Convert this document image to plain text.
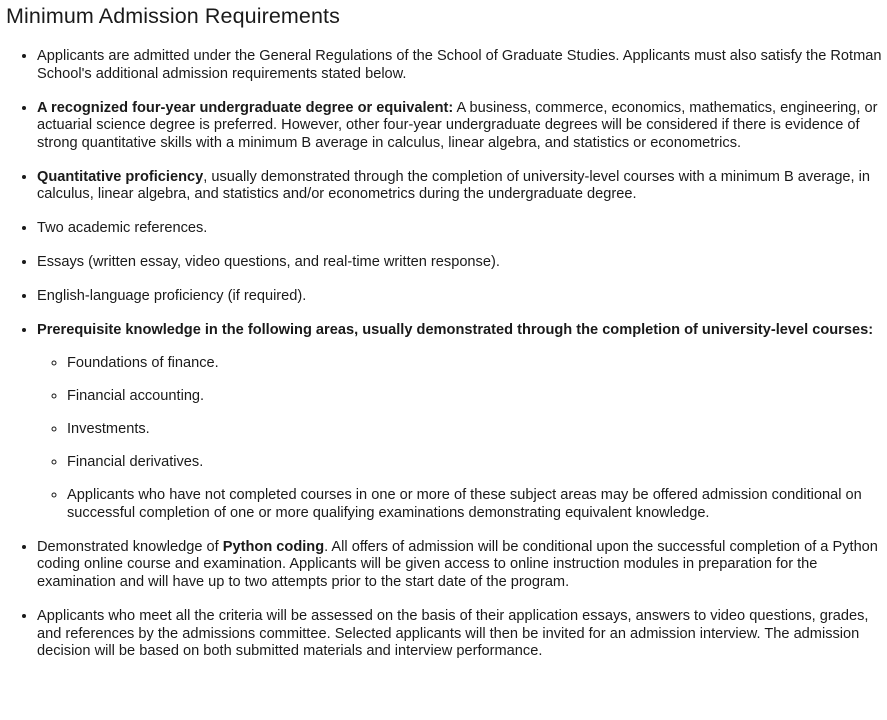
Minimum Admission Requirements
• Applicants are admitted under the General Regulations of the School of Graduate Studies. Applicants must also satisfy the Rotman School's additional admission requirements stated below.
• A recognized four-year undergraduate degree or equivalent: A business, commerce, economics, mathematics, engineering, or actuarial science degree is preferred. However, other four-year undergraduate degrees will be considered if there is evidence of strong quantitative skills with a minimum B average in calculus, linear algebra, and statistics or econometrics.
• Quantitative proficiency, usually demonstrated through the completion of university-level courses with a minimum B average, in calculus, linear algebra, and statistics and/or econometrics during the undergraduate degree.
• Two academic references.
• Essays (written essay, video questions, and real-time written response).
• English-language proficiency (if required).
• Prerequisite knowledge in the following areas, usually demonstrated through the completion of university-level courses:
◦ Foundations of finance.
◦ Financial accounting.
◦ Investments.
◦ Financial derivatives.
◦ Applicants who have not completed courses in one or more of these subject areas may be offered admission conditional on successful completion of one or more qualifying examinations demonstrating equivalent knowledge.
• Demonstrated knowledge of Python coding. All offers of admission will be conditional upon the successful completion of a Python coding online course and examination. Applicants will be given access to online instruction modules in preparation for the examination and will have up to two attempts prior to the start date of the program.
• Applicants who meet all the criteria will be assessed on the basis of their application essays, answers to video questions, grades, and references by the admissions committee. Selected applicants will then be invited for an admission interview. The admission decision will be based on both submitted materials and interview performance.
